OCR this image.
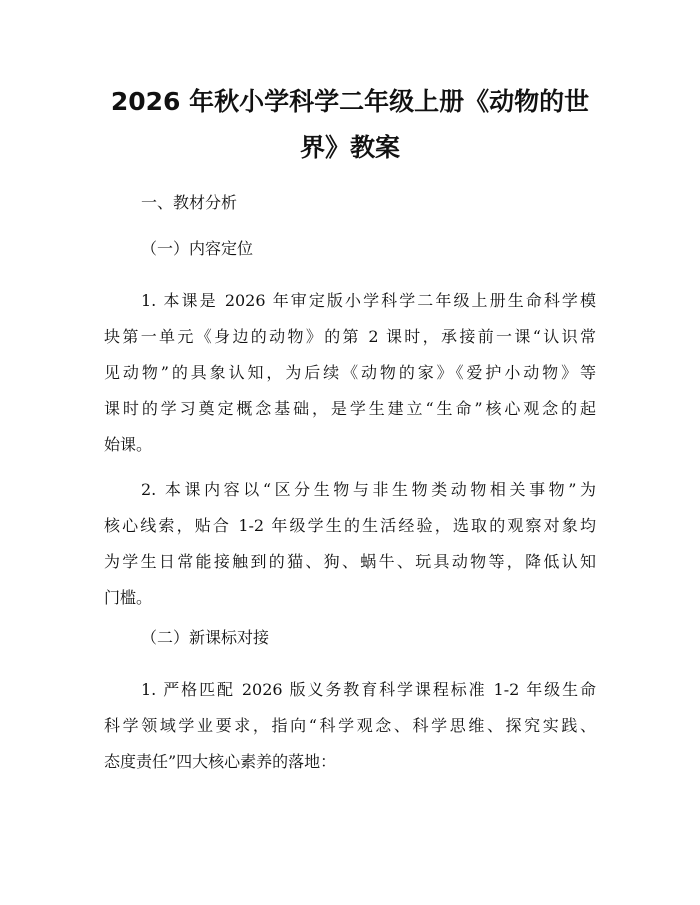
2026 年秋小学科学二年级上册《动物的世
界》教案
一、教材分析
（一）内容定位
1. 本课是 2026 年审定版小学科学二年级上册生命科学模
块第一单元《身边的动物》的第 2 课时，承接前一课“认识常
见动物”的具象认知，为后续《动物的家》《爱护小动物》等
课时的学习奠定概念基础，是学生建立“生命”核心观念的起
始课。
2. 本课内容以“区分生物与非生物类动物相关事物”为
核心线索，贴合 1-2 年级学生的生活经验，选取的观察对象均
为学生日常能接触到的猫、狗、蜗牛、玩具动物等，降低认知
门槛。
（二）新课标对接
1. 严格匹配 2026 版义务教育科学课程标准 1-2 年级生命
科学领域学业要求，指向“科学观念、科学思维、探究实践、
态度责任”四大核心素养的落地：
